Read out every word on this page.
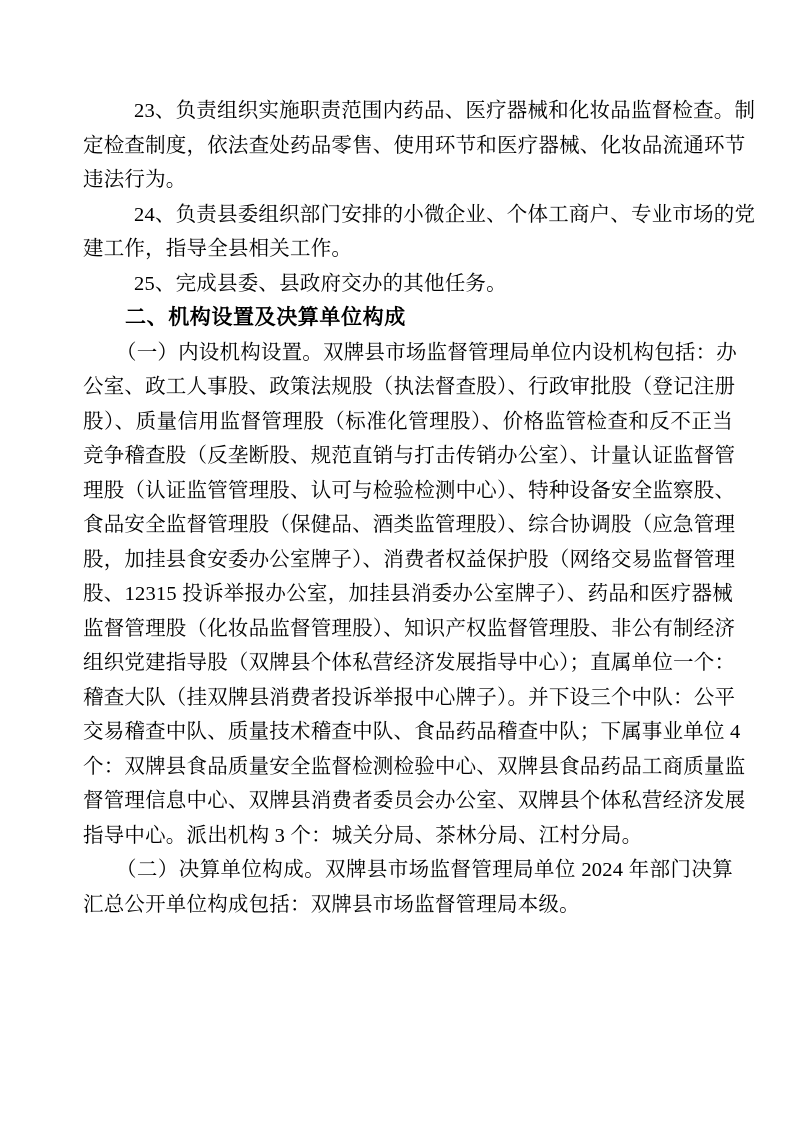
23、负责组织实施职责范围内药品、医疗器械和化妆品监督检查。制
定检查制度，依法查处药品零售、使用环节和医疗器械、化妆品流通环节
违法行为。
24、负责县委组织部门安排的小微企业、个体工商户、专业市场的党
建工作，指导全县相关工作。
25、完成县委、县政府交办的其他任务。
二、机构设置及决算单位构成
（一）内设机构设置。双牌县市场监督管理局单位内设机构包括：办
公室、政工人事股、政策法规股（执法督查股）、行政审批股（登记注册
股）、质量信用监督管理股（标准化管理股）、价格监管检查和反不正当
竞争稽查股（反垄断股、规范直销与打击传销办公室）、计量认证监督管
理股（认证监管管理股、认可与检验检测中心）、特种设备安全监察股、
食品安全监督管理股（保健品、酒类监管理股）、综合协调股（应急管理
股，加挂县食安委办公室牌子）、消费者权益保护股（网络交易监督管理
股、12315 投诉举报办公室，加挂县消委办公室牌子）、药品和医疗器械
监督管理股（化妆品监督管理股）、知识产权监督管理股、非公有制经济
组织党建指导股（双牌县个体私营经济发展指导中心）；直属单位一个：
稽查大队（挂双牌县消费者投诉举报中心牌子）。并下设三个中队：公平
交易稽查中队、质量技术稽查中队、食品药品稽查中队；下属事业单位 4
个：双牌县食品质量安全监督检测检验中心、双牌县食品药品工商质量监
督管理信息中心、双牌县消费者委员会办公室、双牌县个体私营经济发展
指导中心。派出机构 3 个：城关分局、茶林分局、江村分局。
（二）决算单位构成。双牌县市场监督管理局单位 2024 年部门决算
汇总公开单位构成包括：双牌县市场监督管理局本级。
